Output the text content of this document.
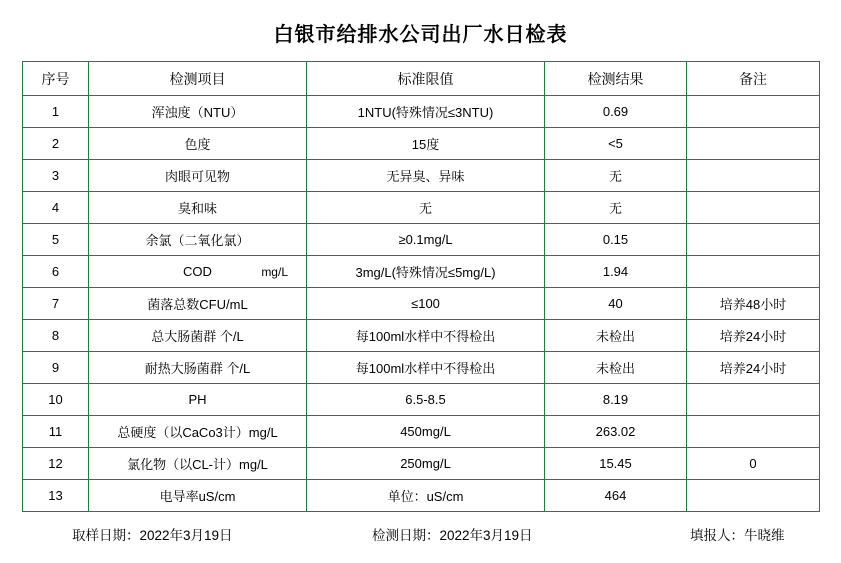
白银市给排水公司出厂水日检表
序号	检测项目	标准限值	检测结果	备注
1	浑浊度（NTU）	1NTU(特殊情况≤3NTU)	0.69	
2	色度	15度	<5	
3	肉眼可见物	无异臭、异味	无	
4	臭和味	无	无	
5	余氯（二氧化氯）	≥0.1mg/L	0.15	
6	COD mg/L	3mg/L(特殊情况≤5mg/L)	1.94	
7	菌落总数CFU/mL	≤100	40	培养48小时
8	总大肠菌群 个/L	每100ml水样中不得检出	未检出	培养24小时
9	耐热大肠菌群 个/L	每100ml水样中不得检出	未检出	培养24小时
10	PH	6.5-8.5	8.19	
11	总硬度（以CaCo3计）mg/L	450mg/L	263.02	
12	氯化物（以CL-计）mg/L	250mg/L	15.45	0
13	电导率uS/cm	单位：uS/cm	464	
取样日期：2022年3月19日	检测日期：2022年3月19日	填报人：牛晓维
